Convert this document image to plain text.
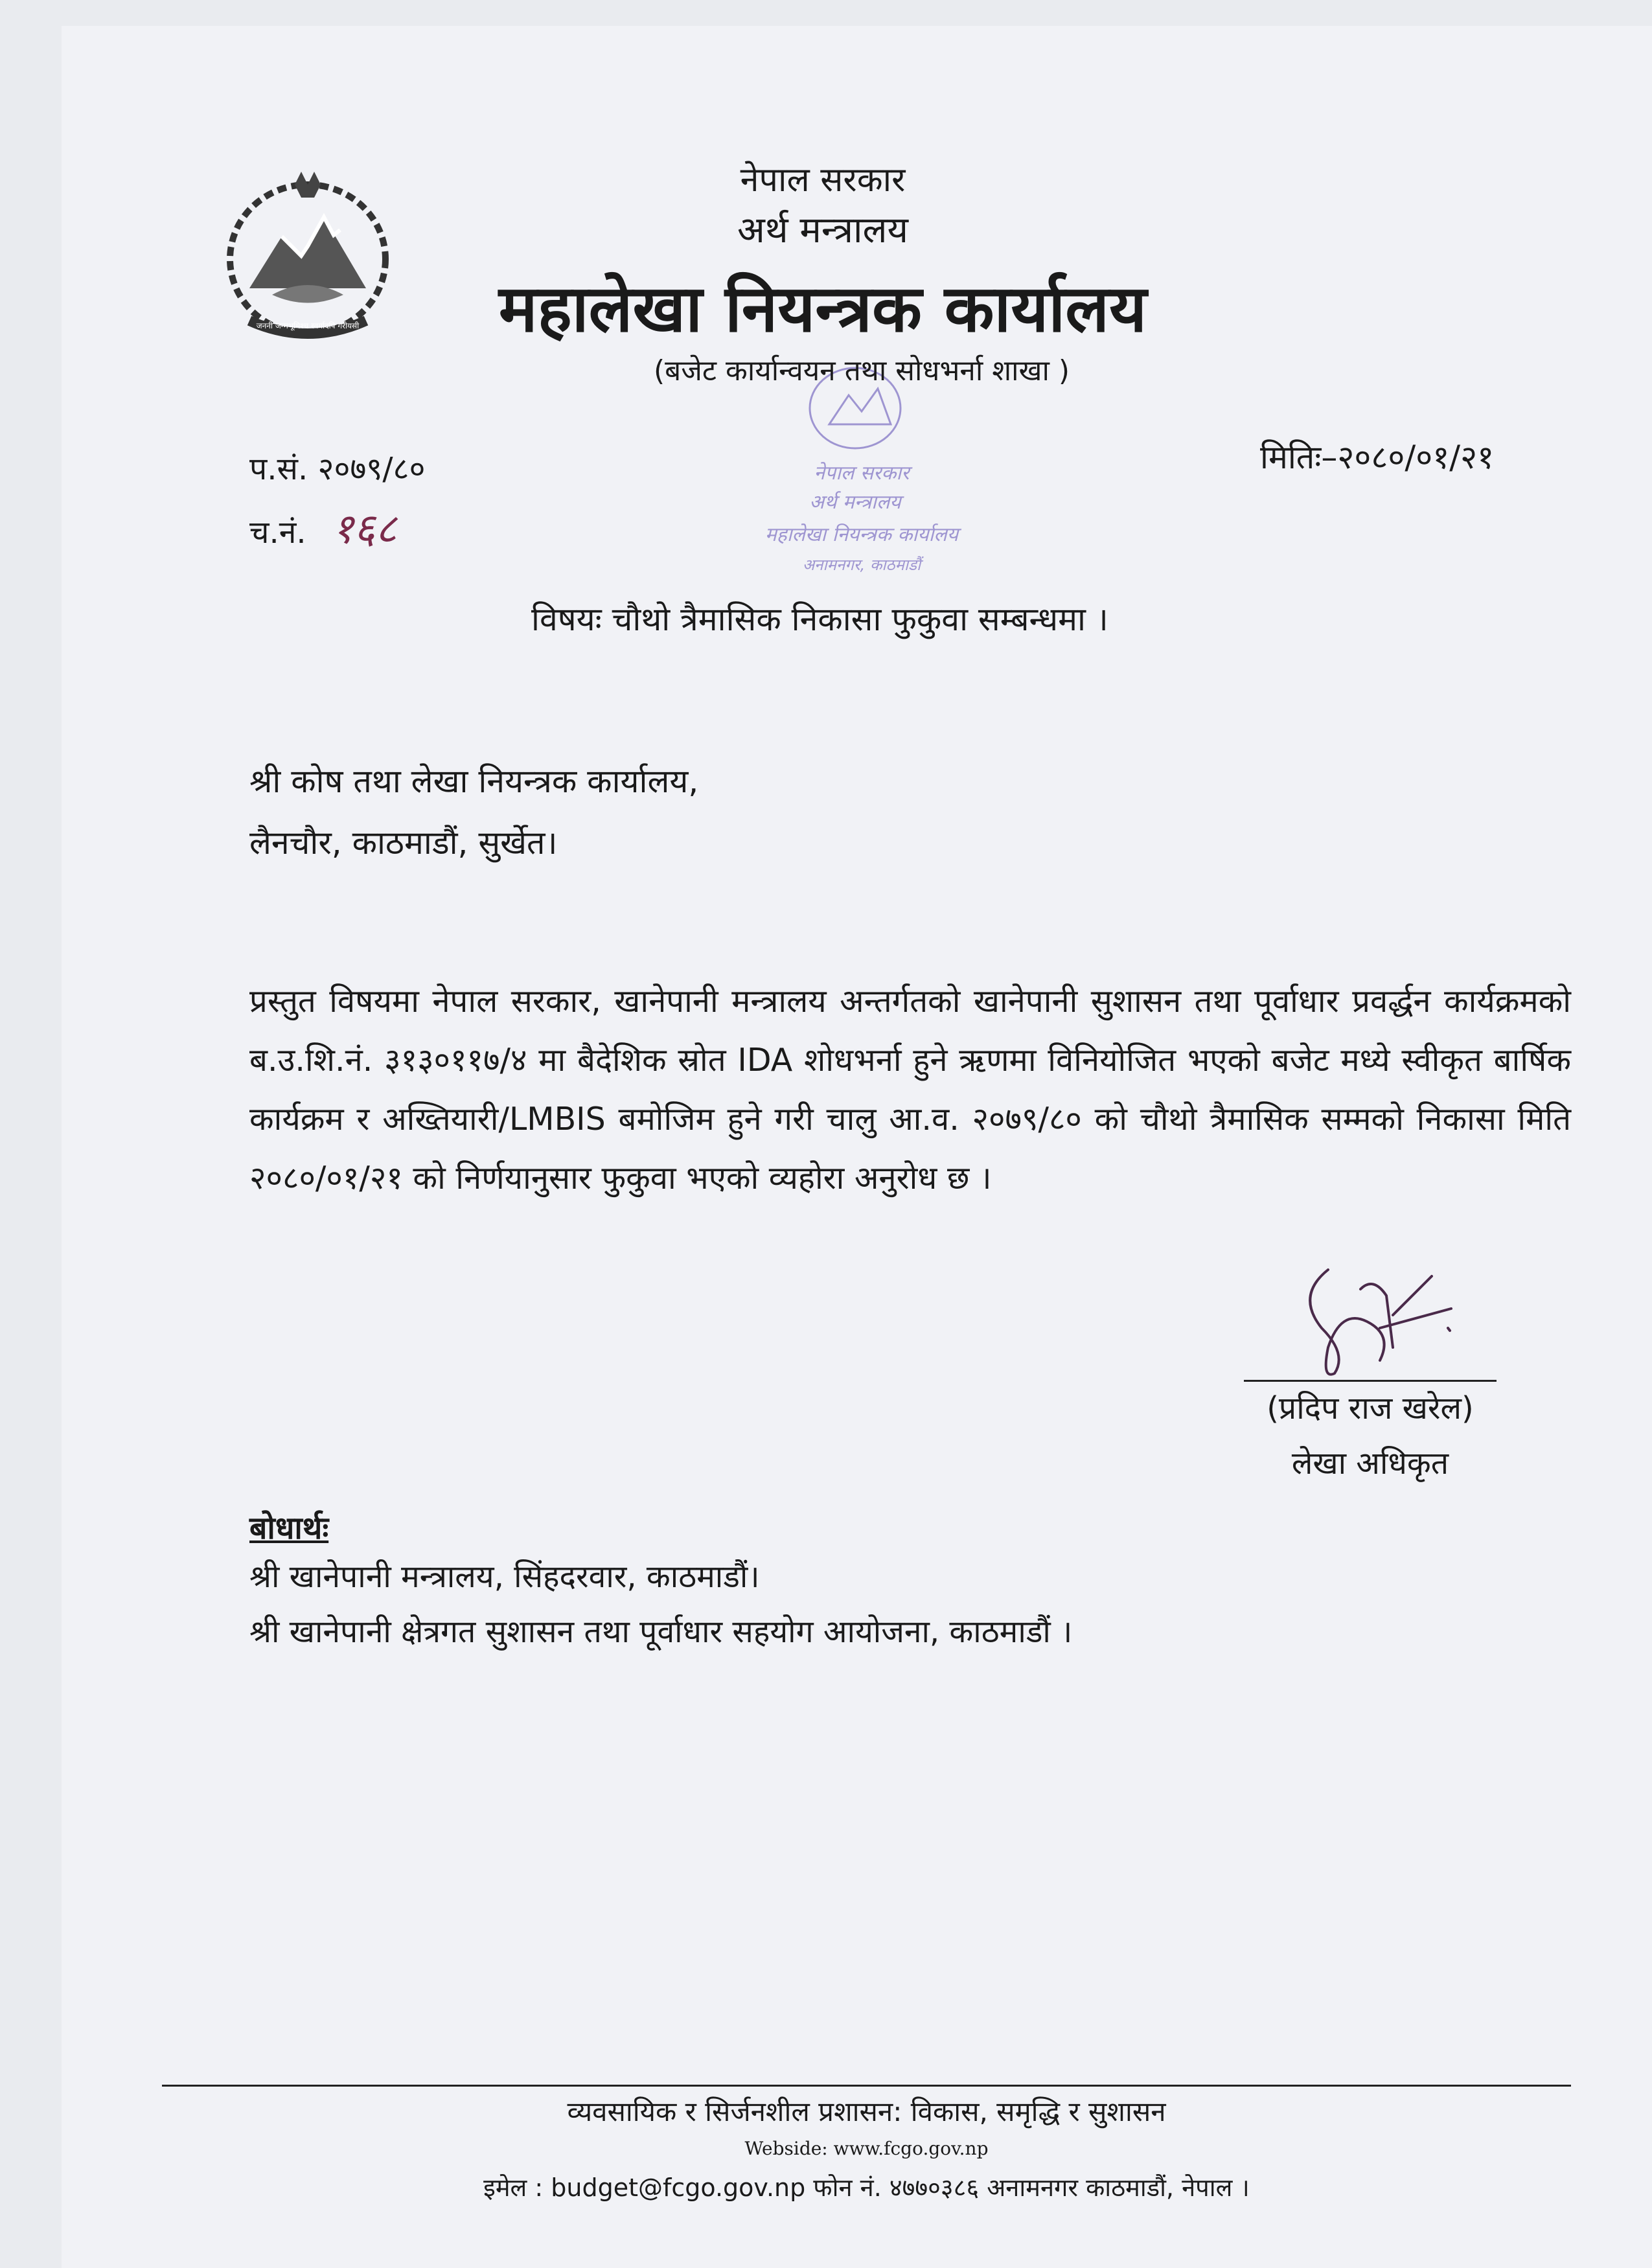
जननी जन्मभूमिश्च स्वर्गादपि गरीयसी
नेपाल सरकार
अर्थ मन्त्रालय
महालेखा नियन्त्रक कार्यालय
अनामनगर, काठमाडौं
नेपाल सरकार
अर्थ मन्त्रालय
महालेखा नियन्त्रक कार्यालय
(बजेट कार्यान्वयन तथा सोधभर्ना शाखा )
प.सं. २०७९/८०
च.नं. १६८
मितिः–२०८०/०१/२१
विषयः चौथो त्रैमासिक निकासा फुकुवा सम्बन्धमा ।
श्री कोष तथा लेखा नियन्त्रक कार्यालय,
लैनचौर, काठमाडौं, सुर्खेत।
प्रस्तुत विषयमा नेपाल सरकार, खानेपानी मन्त्रालय अन्तर्गतको खानेपानी सुशासन तथा पूर्वाधार प्रवर्द्धन कार्यक्रमको ब.उ.शि.नं. ३१३०११७/४ मा बैदेशिक स्रोत IDA शोधभर्ना हुने ऋणमा विनियोजित भएको बजेट मध्ये स्वीकृत बार्षिक कार्यक्रम र अख्तियारी/LMBIS बमोजिम हुने गरी चालु आ.व. २०७९/८० को चौथो त्रैमासिक सम्मको निकासा मिति २०८०/०१/२१ को निर्णयानुसार फुकुवा भएको व्यहोरा अनुरोध छ ।
(प्रदिप राज खरेल)
लेखा अधिकृत
बोधार्थः
श्री खानेपानी मन्त्रालय, सिंहदरवार, काठमाडौं।
श्री खानेपानी क्षेत्रगत सुशासन तथा पूर्वाधार सहयोग आयोजना, काठमाडौं ।
व्यवसायिक र सिर्जनशील प्रशासन: विकास, समृद्धि र सुशासन
Webside: www.fcgo.gov.np
इमेल : budget@fcgo.gov.np फोन नं. ४७७०३८६ अनामनगर काठमाडौं, नेपाल ।
